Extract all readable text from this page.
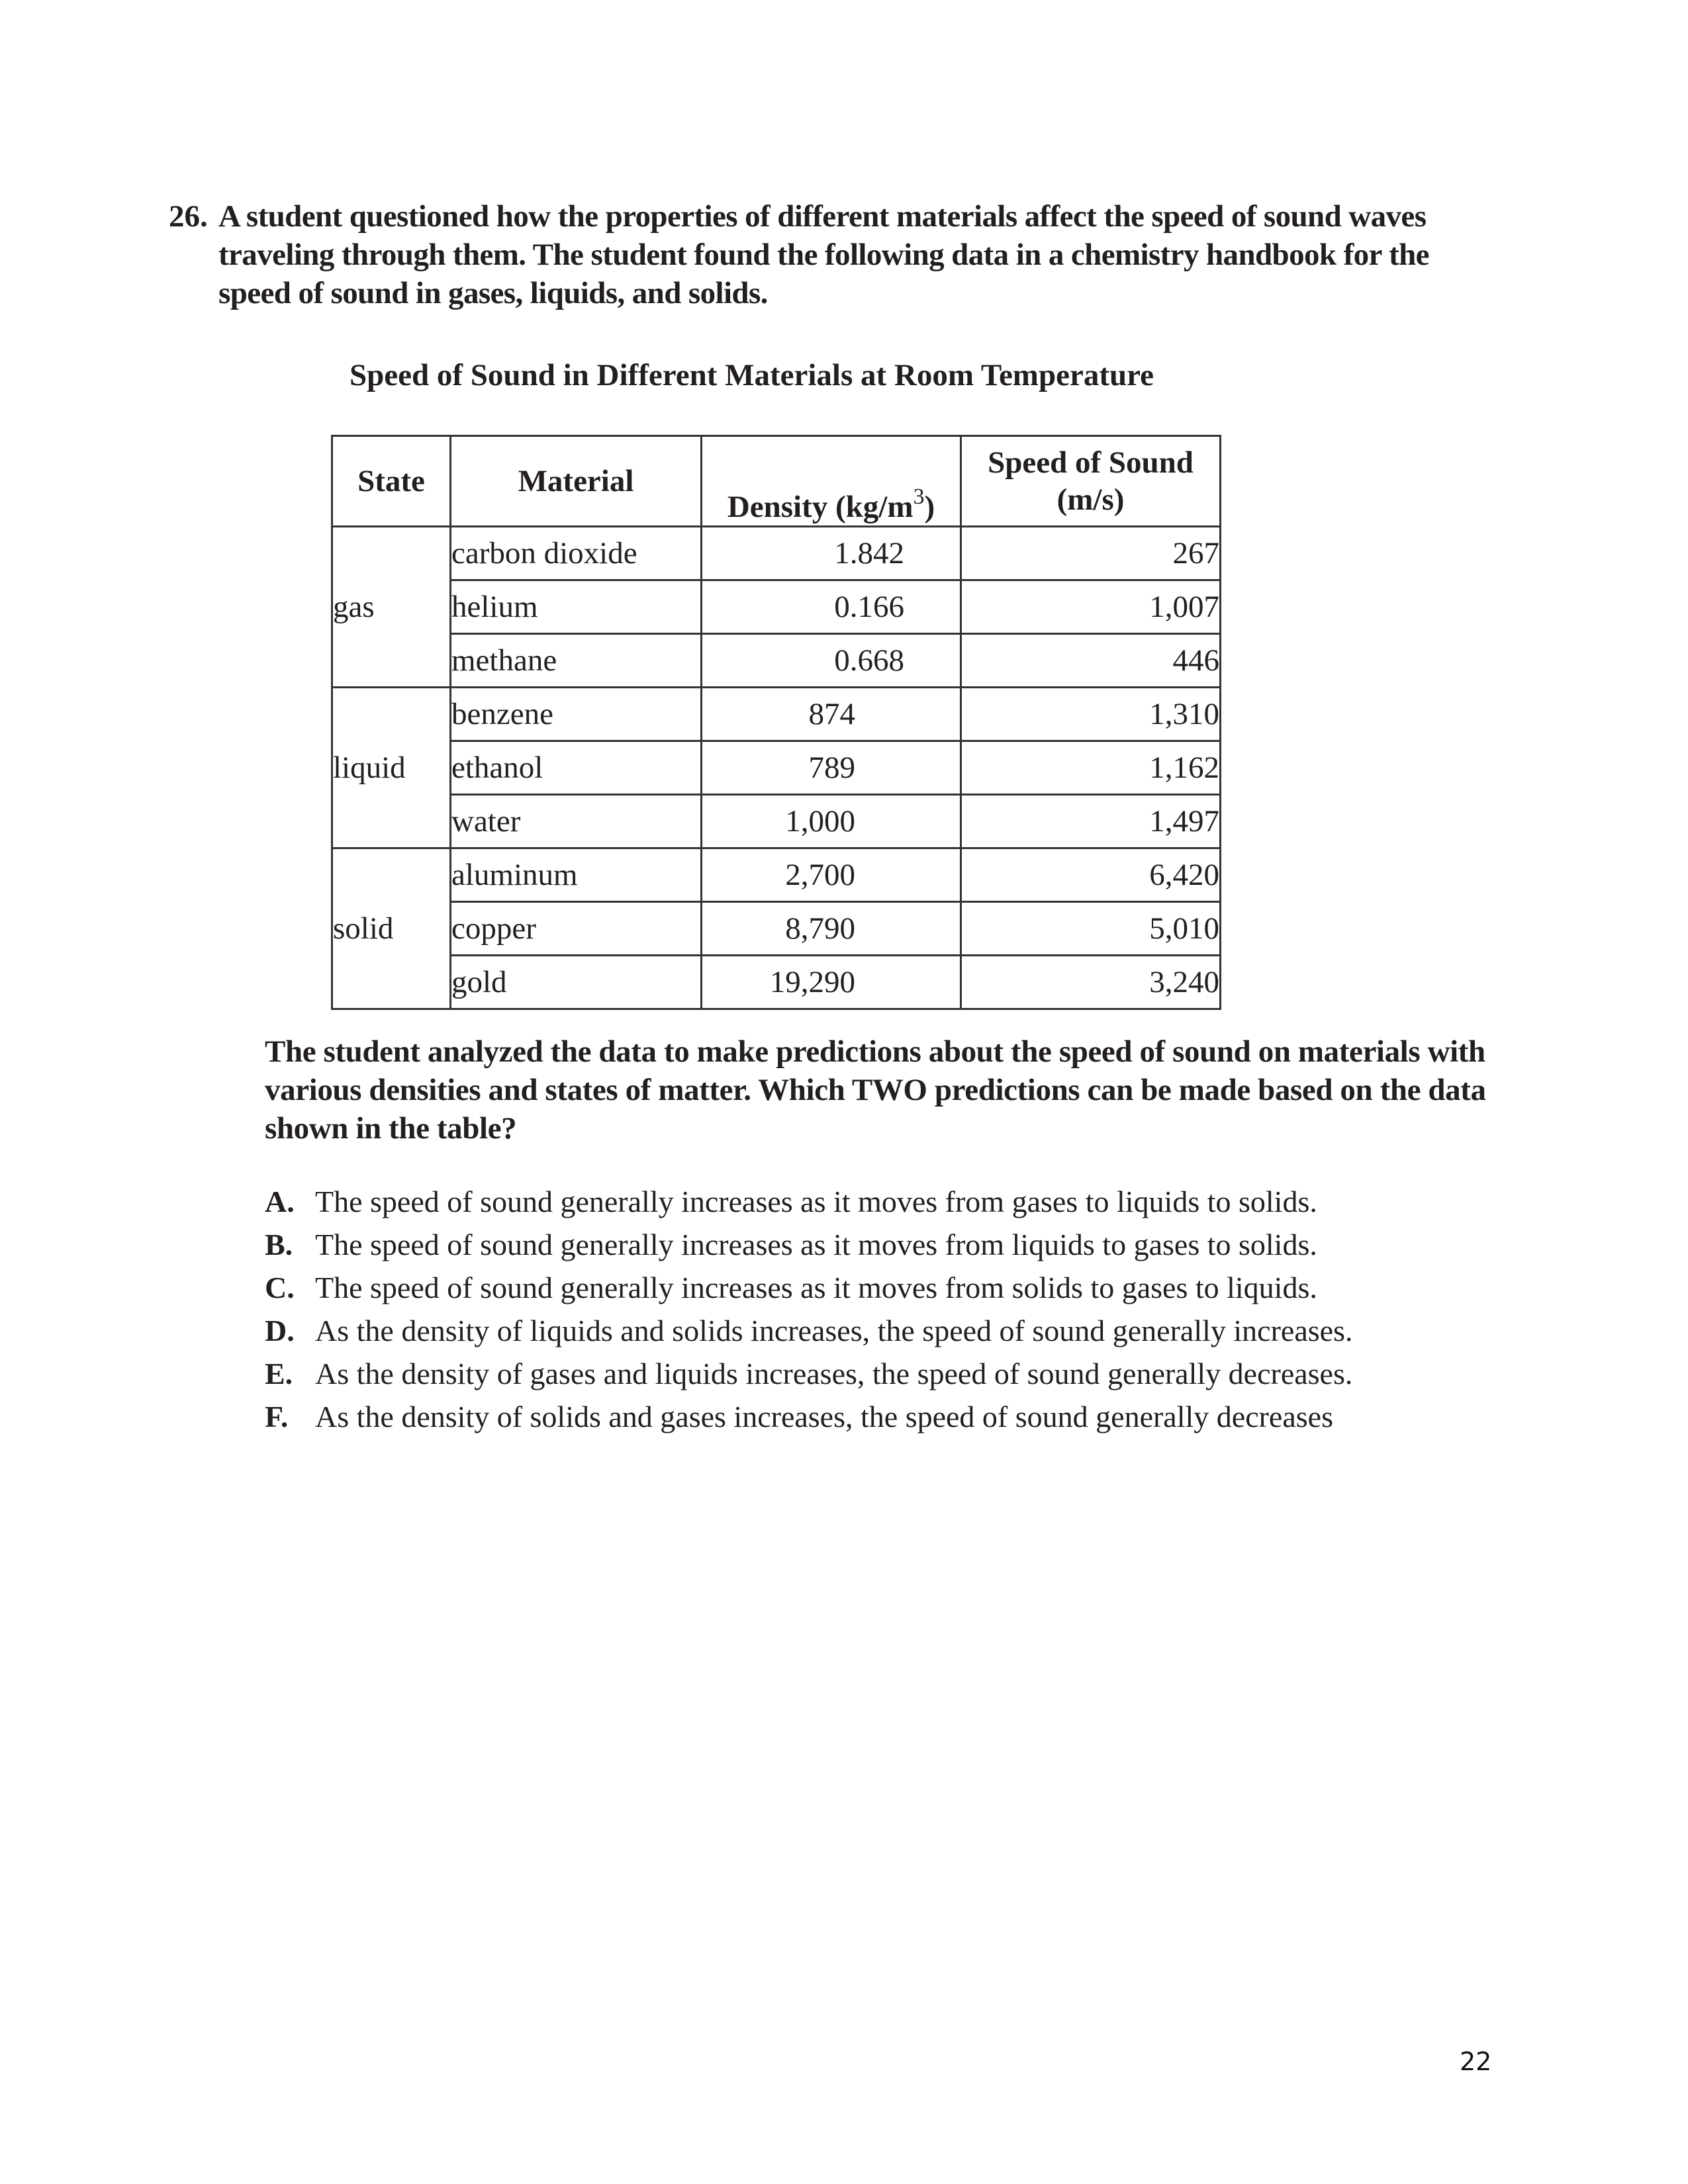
26. A student questioned how the properties of different materials affect the speed of sound waves traveling through them. The student found the following data in a chemistry handbook for the speed of sound in gases, liquids, and solids.
Speed of Sound in Different Materials at Room Temperature
State	Material	Density $(kg/m^3)$	Speed of Sound
(m/s)
gas	carbon dioxide	1.842	267
	helium	0.166	1,007
	methane	0.668	446
liquid	benzene	874	1,310
	ethanol	789	1,162
	water	1,000	1,497
solid	aluminum	2,700	6,420
	copper	8,790	5,010
	gold	19,290	3,240
The student analyzed the data to make predictions about the speed of sound on materials with various densities and states of matter. Which TWO predictions can be made based on the data shown in the table?
A. The speed of sound generally increases as it moves from gases to liquids to solids.
B. The speed of sound generally increases as it moves from liquids to gases to solids.
C. The speed of sound generally increases as it moves from solids to gases to liquids.
D. As the density of liquids and solids increases, the speed of sound generally increases.
E. As the density of gases and liquids increases, the speed of sound generally decreases.
F. As the density of solids and gases increases, the speed of sound generally decreases
22
